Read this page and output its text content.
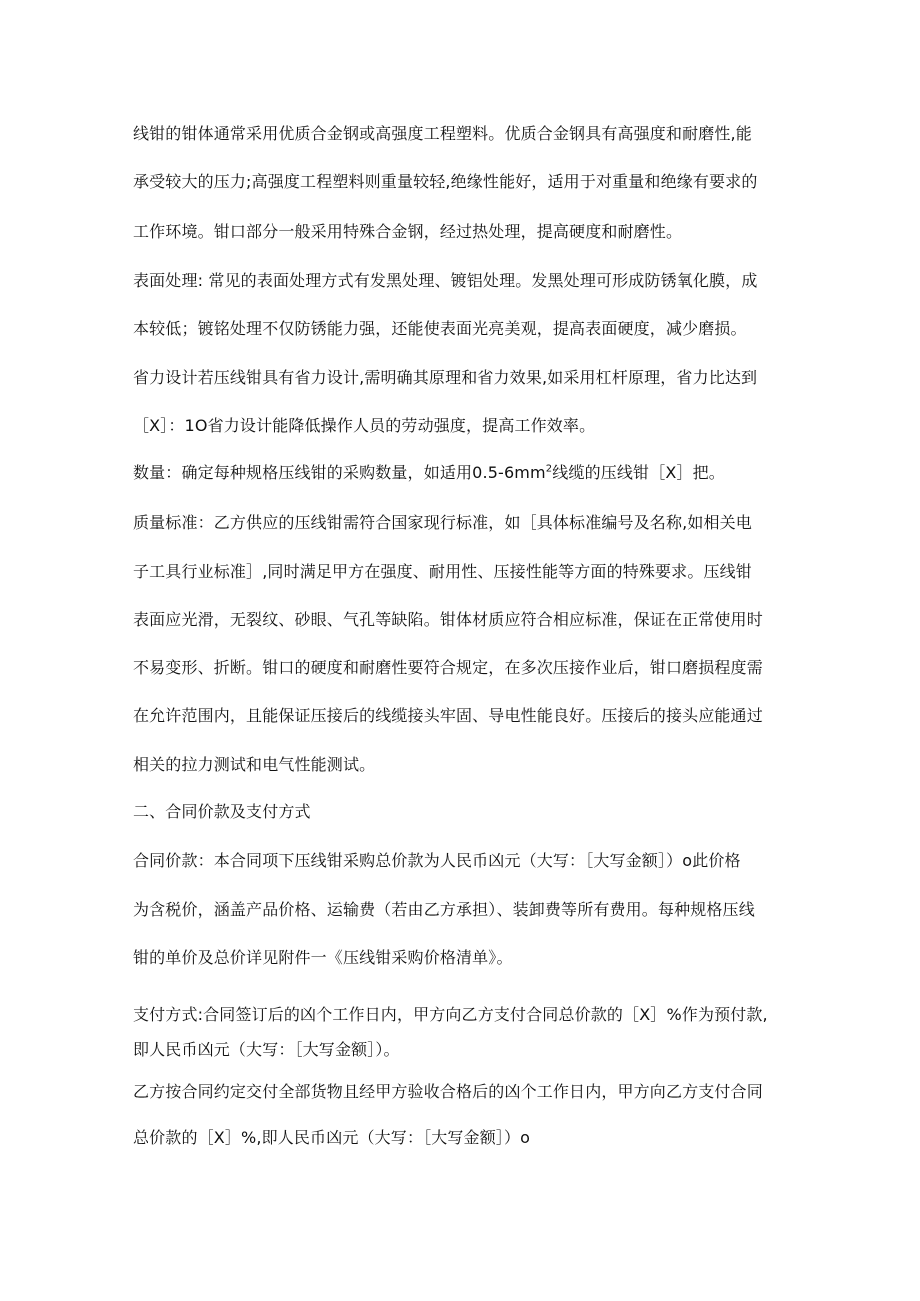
线钳的钳体通常采用优质合金钢或高强度工程塑料。优质合金钢具有高强度和耐磨性,能
承受较大的压力;高强度工程塑料则重量较轻,绝缘性能好，适用于对重量和绝缘有要求的
工作环境。钳口部分一般采用特殊合金钢，经过热处理，提高硬度和耐磨性。
表面处理: 常见的表面处理方式有发黑处理、镀铝处理。发黑处理可形成防锈氧化膜，成
本较低；镀铭处理不仅防锈能力强，还能使表面光亮美观，提高表面硬度，减少磨损。
省力设计若压线钳具有省力设计,需明确其原理和省力效果,如采用杠杆原理，省力比达到
［X］：1O省力设计能降低操作人员的劳动强度，提高工作效率。
数量：确定每种规格压线钳的采购数量，如适用$0.5-6mm^2$线缆的压线钳［X］把。
质量标准：乙方供应的压线钳需符合国家现行标准，如［具体标准编号及名称,如相关电
子工具行业标准］,同时满足甲方在强度、耐用性、压接性能等方面的特殊要求。压线钳
表面应光滑，无裂纹、砂眼、气孔等缺陷。钳体材质应符合相应标准，保证在正常使用时
不易变形、折断。钳口的硬度和耐磨性要符合规定，在多次压接作业后，钳口磨损程度需
在允许范围内，且能保证压接后的线缆接头牢固、导电性能良好。压接后的接头应能通过
相关的拉力测试和电气性能测试。
二、合同价款及支付方式
合同价款：本合同项下压线钳采购总价款为人民币凶元（大写：［大写金额］）o此价格
为含税价，涵盖产品价格、运输费（若由乙方承担）、装卸费等所有费用。每种规格压线
钳的单价及总价详见附件一《压线钳采购价格清单》。
支付方式:合同签订后的凶个工作日内，甲方向乙方支付合同总价款的［X］%作为预付款,
即人民币凶元（大写：［大写金额］）。
乙方按合同约定交付全部货物且经甲方验收合格后的凶个工作日内，甲方向乙方支付合同
总价款的［X］%,即人民币凶元（大写：［大写金额］）o
